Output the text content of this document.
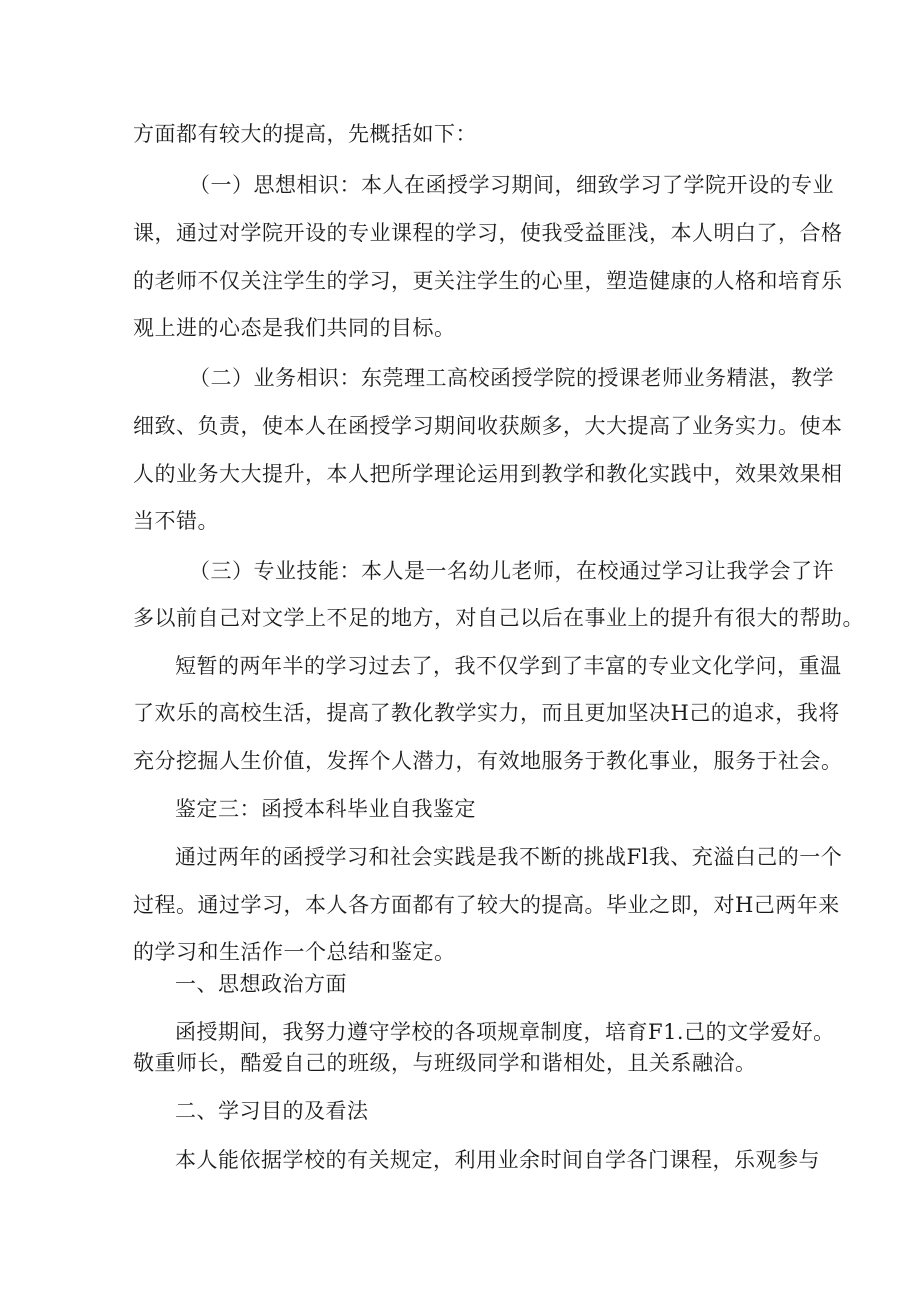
方面都有较大的提高，先概括如下：
（一）思想相识：本人在函授学习期间，细致学习了学院开设的专业
课，通过对学院开设的专业课程的学习，使我受益匪浅，本人明白了，合格
的老师不仅关注学生的学习，更关注学生的心里，塑造健康的人格和培育乐
观上进的心态是我们共同的目标。
（二）业务相识：东莞理工高校函授学院的授课老师业务精湛，教学
细致、负责，使本人在函授学习期间收获颇多，大大提高了业务实力。使本
人的业务大大提升，本人把所学理论运用到教学和教化实践中，效果效果相
当不错。
（三）专业技能：本人是一名幼儿老师，在校通过学习让我学会了许
多以前自己对文学上不足的地方，对自己以后在事业上的提升有很大的帮助。
短暂的两年半的学习过去了，我不仅学到了丰富的专业文化学问，重温
了欢乐的高校生活，提高了教化教学实力，而且更加坚决H己的追求，我将
充分挖掘人生价值，发挥个人潜力，有效地服务于教化事业，服务于社会。
鉴定三：函授本科毕业自我鉴定
通过两年的函授学习和社会实践是我不断的挑战Fl我、充溢白己的一个
过程。通过学习，本人各方面都有了较大的提高。毕业之即，对H己两年来
的学习和生活作一个总结和鉴定。
一、思想政治方面
函授期间，我努力遵守学校的各项规章制度，培育F1.己的文学爱好。
敬重师长，酷爱自己的班级，与班级同学和谐相处，且关系融洽。
二、学习目的及看法
本人能依据学校的有关规定，利用业余时间自学各门课程，乐观参与
